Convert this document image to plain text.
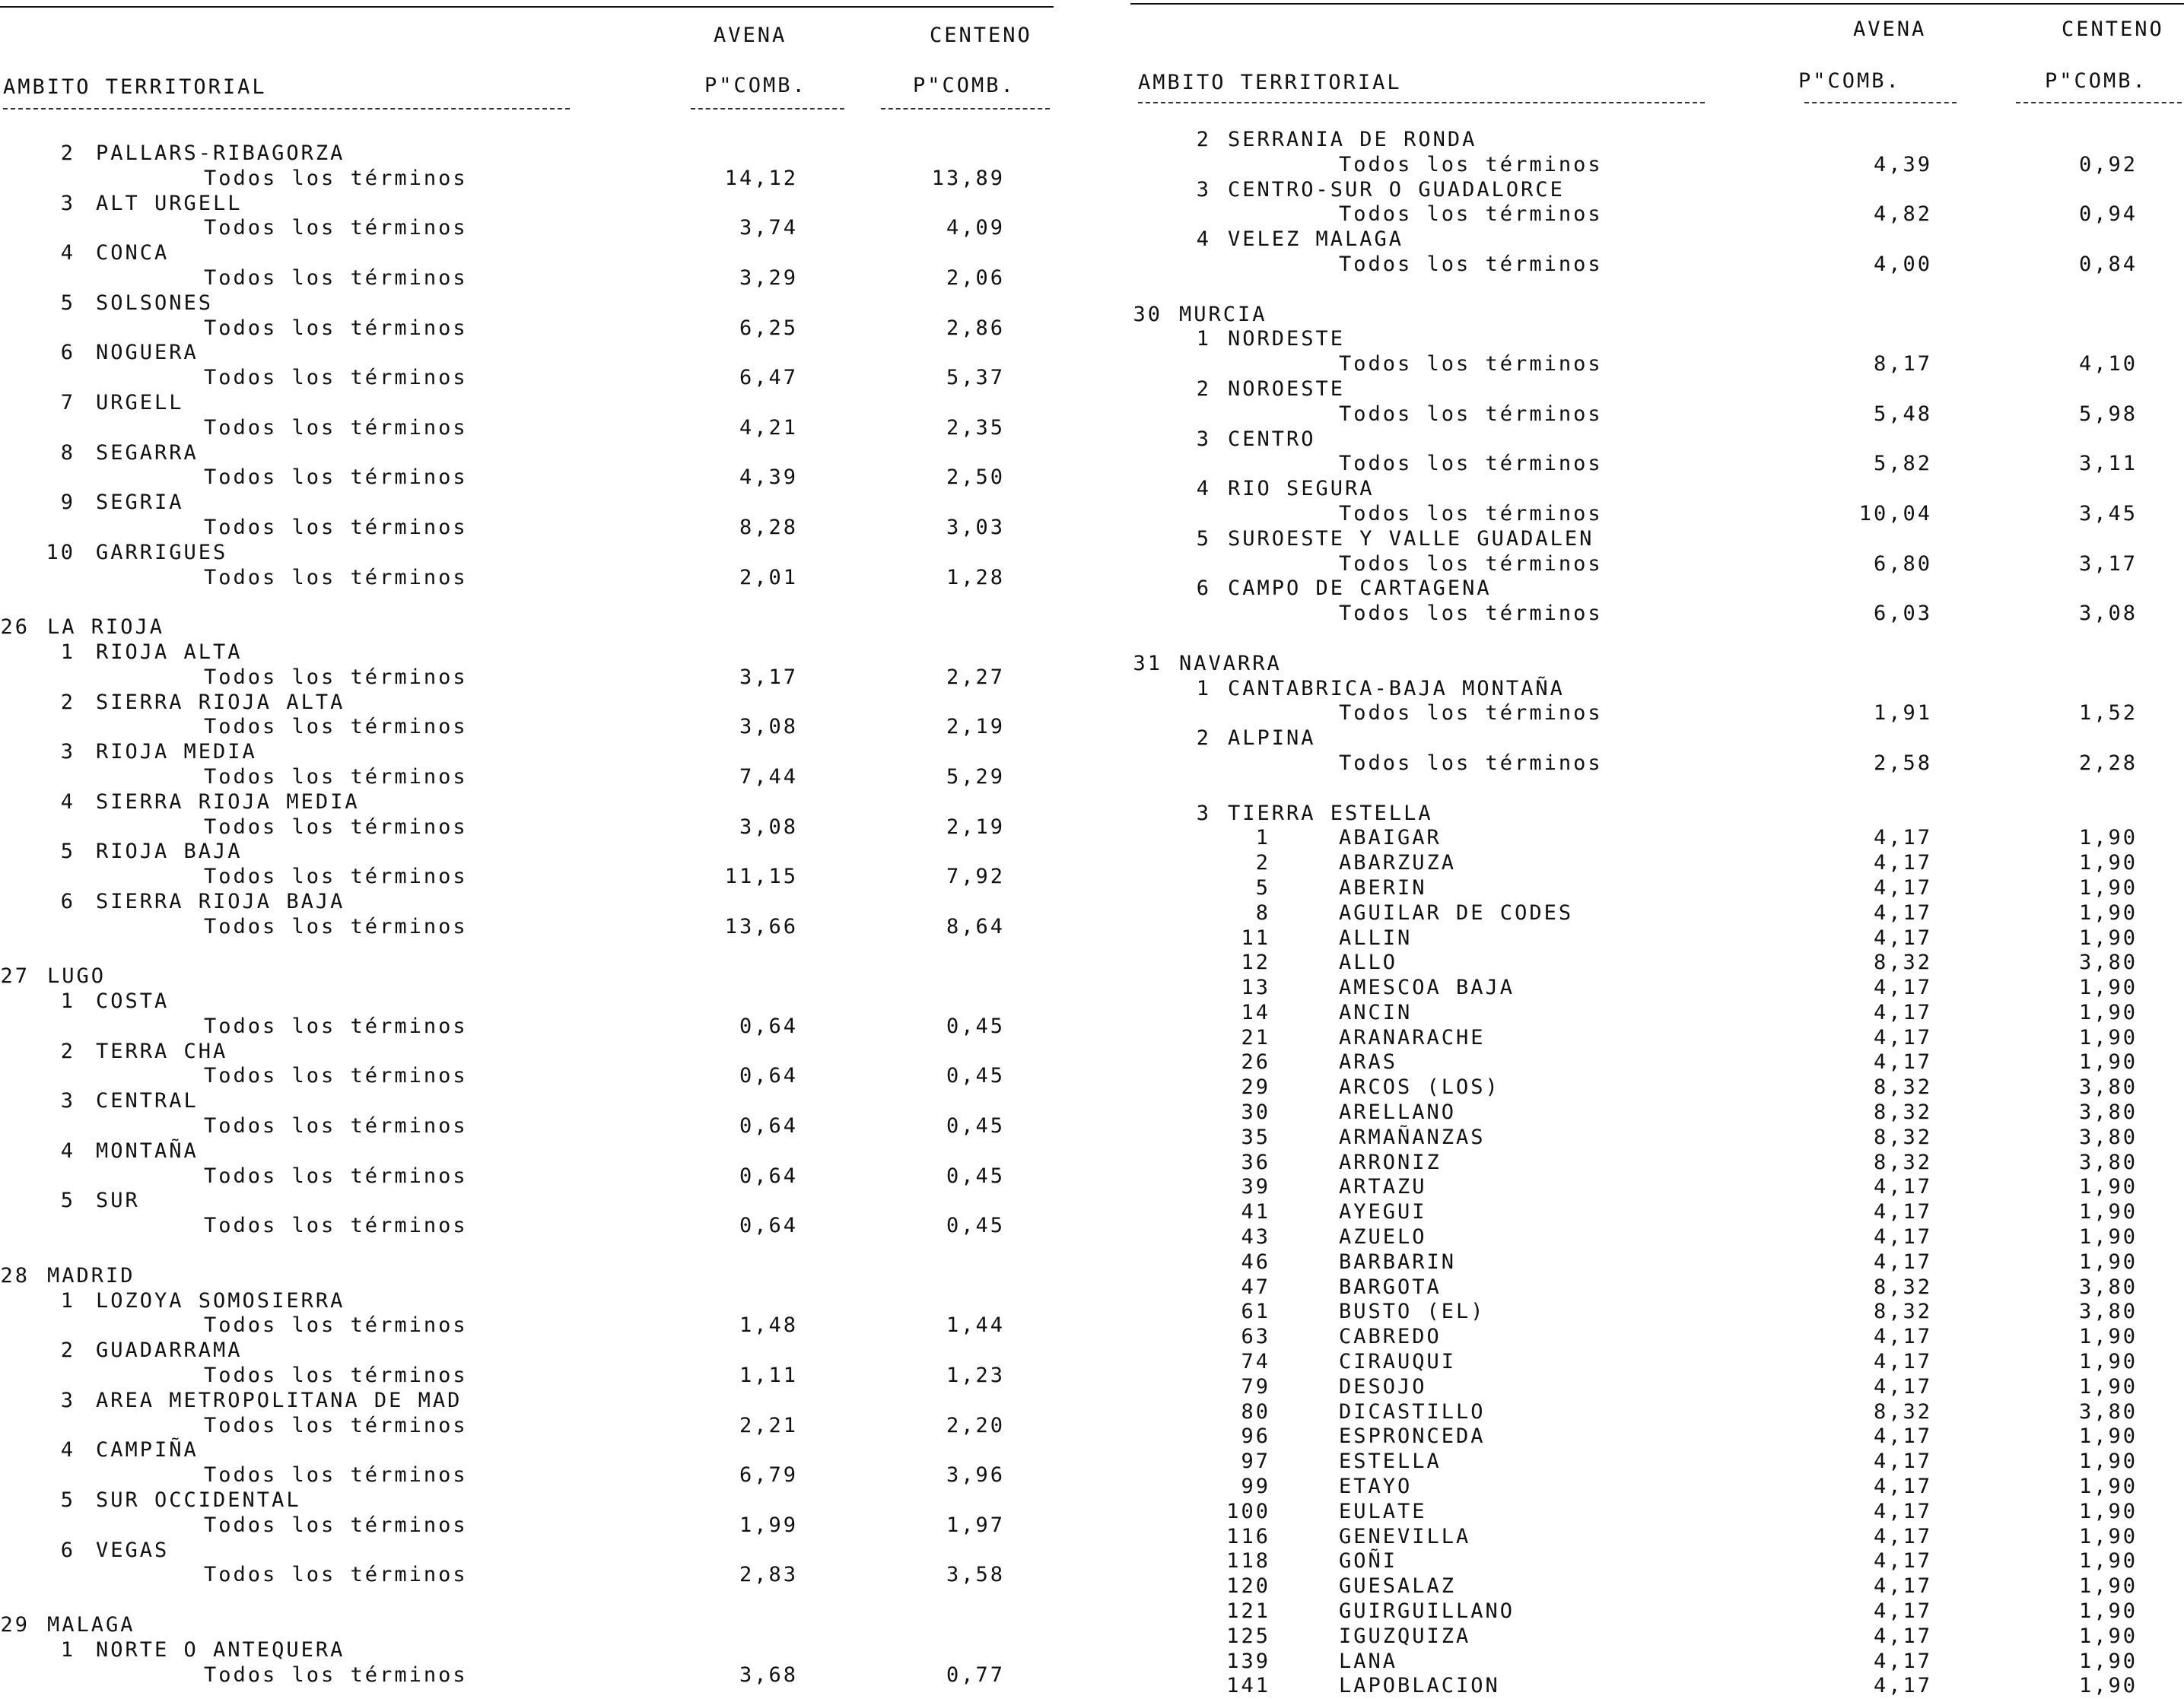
AVENA	CENTENO
AMBITO TERRITORIAL	P"COMB.	P"COMB.
2 PALLARS-RIBAGORZA
Todos los términos	14,12	13,89
3 ALT URGELL
Todos los términos	3,74	4,09
4 CONCA
Todos los términos	3,29	2,06
5 SOLSONES
Todos los términos	6,25	2,86
6 NOGUERA
Todos los términos	6,47	5,37
7 URGELL
Todos los términos	4,21	2,35
8 SEGARRA
Todos los términos	4,39	2,50
9 SEGRIA
Todos los términos	8,28	3,03
10 GARRIGUES
Todos los términos	2,01	1,28
26 LA RIOJA
1 RIOJA ALTA
Todos los términos	3,17	2,27
2 SIERRA RIOJA ALTA
Todos los términos	3,08	2,19
3 RIOJA MEDIA
Todos los términos	7,44	5,29
4 SIERRA RIOJA MEDIA
Todos los términos	3,08	2,19
5 RIOJA BAJA
Todos los términos	11,15	7,92
6 SIERRA RIOJA BAJA
Todos los términos	13,66	8,64
27 LUGO
1 COSTA
Todos los términos	0,64	0,45
2 TERRA CHA
Todos los términos	0,64	0,45
3 CENTRAL
Todos los términos	0,64	0,45
4 MONTAÑA
Todos los términos	0,64	0,45
5 SUR
Todos los términos	0,64	0,45
28 MADRID
1 LOZOYA SOMOSIERRA
Todos los términos	1,48	1,44
2 GUADARRAMA
Todos los términos	1,11	1,23
3 AREA METROPOLITANA DE MAD
Todos los términos	2,21	2,20
4 CAMPIÑA
Todos los términos	6,79	3,96
5 SUR OCCIDENTAL
Todos los términos	1,99	1,97
6 VEGAS
Todos los términos	2,83	3,58
29 MALAGA
1 NORTE O ANTEQUERA
Todos los términos	3,68	0,77
AVENA	CENTENO
AMBITO TERRITORIAL	P"COMB.	P"COMB.
2 SERRANIA DE RONDA
Todos los términos	4,39	0,92
3 CENTRO-SUR O GUADALORCE
Todos los términos	4,82	0,94
4 VELEZ MALAGA
Todos los términos	4,00	0,84
30 MURCIA
1 NORDESTE
Todos los términos	8,17	4,10
2 NOROESTE
Todos los términos	5,48	5,98
3 CENTRO
Todos los términos	5,82	3,11
4 RIO SEGURA
Todos los términos	10,04	3,45
5 SUROESTE Y VALLE GUADALEN
Todos los términos	6,80	3,17
6 CAMPO DE CARTAGENA
Todos los términos	6,03	3,08
31 NAVARRA
1 CANTABRICA-BAJA MONTAÑA
Todos los términos	1,91	1,52
2 ALPINA
Todos los términos	2,58	2,28
3 TIERRA ESTELLA
1	ABAIGAR	4,17	1,90
2	ABARZUZA	4,17	1,90
5	ABERIN	4,17	1,90
8	AGUILAR DE CODES	4,17	1,90
11	ALLIN	4,17	1,90
12	ALLO	8,32	3,80
13	AMESCOA BAJA	4,17	1,90
14	ANCIN	4,17	1,90
21	ARANARACHE	4,17	1,90
26	ARAS	4,17	1,90
29	ARCOS (LOS)	8,32	3,80
30	ARELLANO	8,32	3,80
35	ARMAÑANZAS	8,32	3,80
36	ARRONIZ	8,32	3,80
39	ARTAZU	4,17	1,90
41	AYEGUI	4,17	1,90
43	AZUELO	4,17	1,90
46	BARBARIN	4,17	1,90
47	BARGOTA	8,32	3,80
61	BUSTO (EL)	8,32	3,80
63	CABREDO	4,17	1,90
74	CIRAUQUI	4,17	1,90
79	DESOJO	4,17	1,90
80	DICASTILLO	8,32	3,80
96	ESPRONCEDA	4,17	1,90
97	ESTELLA	4,17	1,90
99	ETAYO	4,17	1,90
100	EULATE	4,17	1,90
116	GENEVILLA	4,17	1,90
118	GOÑI	4,17	1,90
120	GUESALAZ	4,17	1,90
121	GUIRGUILLANO	4,17	1,90
125	IGUZQUIZA	4,17	1,90
139	LANA	4,17	1,90
141	LAPOBLACION	4,17	1,90
